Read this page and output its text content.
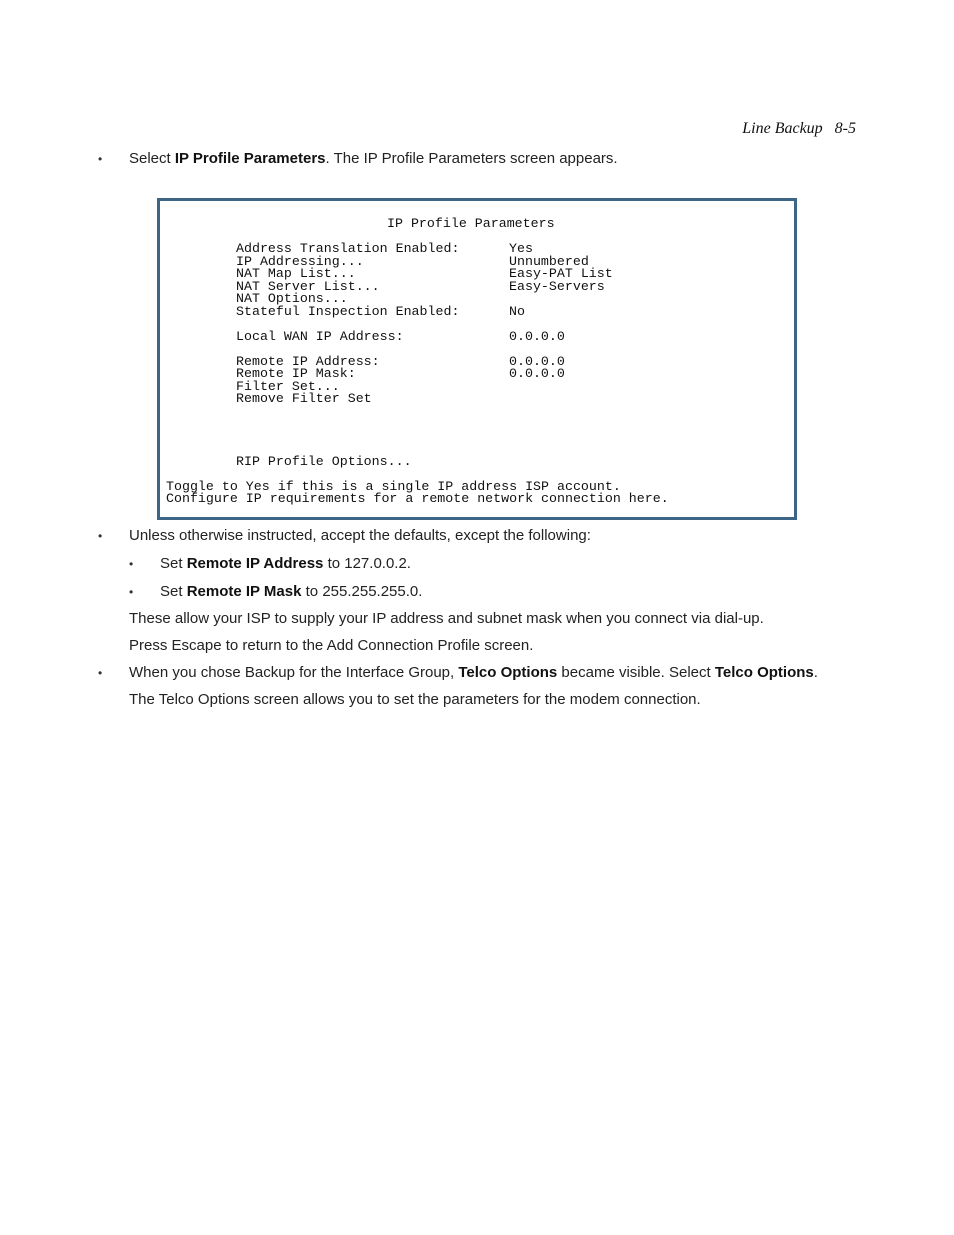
Line Backup 8-5
• Select IP Profile Parameters. The IP Profile Parameters screen appears.
IP Profile Parameters
Address Translation Enabled:	Yes
IP Addressing...	Unnumbered
NAT Map List...	Easy-PAT List
NAT Server List...	Easy-Servers
NAT Options...
Stateful Inspection Enabled:	No
Local WAN IP Address:	0.0.0.0
Remote IP Address:	0.0.0.0
Remote IP Mask:	0.0.0.0
Filter Set...
Remove Filter Set
RIP Profile Options...
Toggle to Yes if this is a single IP address ISP account.
Configure IP requirements for a remote network connection here.
• Unless otherwise instructed, accept the defaults, except the following:
• Set Remote IP Address to 127.0.0.2.
• Set Remote IP Mask to 255.255.255.0.
These allow your ISP to supply your IP address and subnet mask when you connect via dial-up.
Press Escape to return to the Add Connection Profile screen.
• When you chose Backup for the Interface Group, Telco Options became visible. Select Telco Options.
The Telco Options screen allows you to set the parameters for the modem connection.
